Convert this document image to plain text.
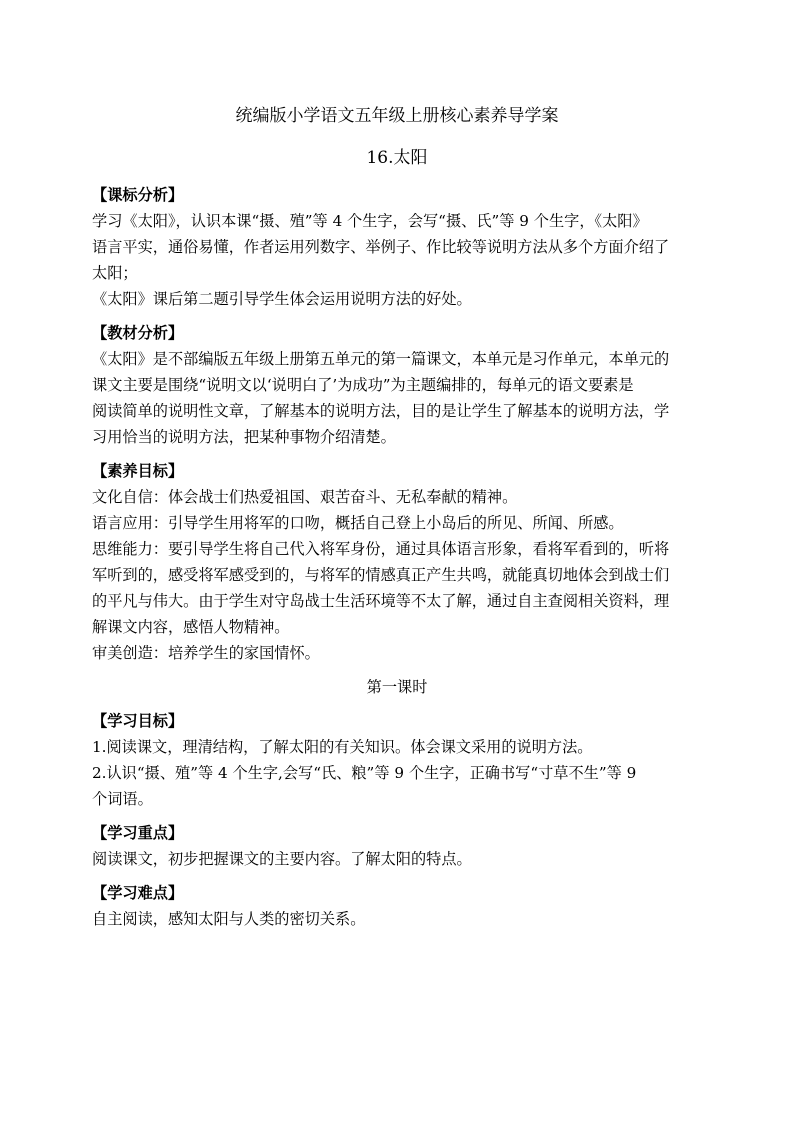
统编版小学语文五年级上册核心素养导学案
16.太阳
【课标分析】
学习《太阳》，认识本课“摄、殖”等 4 个生字，会写“摄、氏”等 9 个生字，《太阳》
语言平实，通俗易懂，作者运用列数字、举例子、作比较等说明方法从多个方面介绍了
太阳；
《太阳》课后第二题引导学生体会运用说明方法的好处。
【教材分析】
《太阳》是不部编版五年级上册第五单元的第一篇课文，本单元是习作单元，本单元的
课文主要是围绕“说明文以‘说明白了’为成功”为主题编排的，每单元的语文要素是
阅读简单的说明性文章，了解基本的说明方法，目的是让学生了解基本的说明方法，学
习用恰当的说明方法，把某种事物介绍清楚。
【素养目标】
文化自信：体会战士们热爱祖国、艰苦奋斗、无私奉献的精神。
语言应用：引导学生用将军的口吻，概括自己登上小岛后的所见、所闻、所感。
思维能力：要引导学生将自己代入将军身份，通过具体语言形象，看将军看到的，听将
军听到的，感受将军感受到的，与将军的情感真正产生共鸣，就能真切地体会到战士们
的平凡与伟大。由于学生对守岛战士生活环境等不太了解，通过自主查阅相关资料，理
解课文内容，感悟人物精神。
审美创造：培养学生的家国情怀。
第一课时
【学习目标】
1.阅读课文，理清结构，了解太阳的有关知识。体会课文采用的说明方法。
2.认识“摄、殖”等 4 个生字,会写“氏、粮”等 9 个生字，正确书写“寸草不生”等 9
个词语。
【学习重点】
阅读课文，初步把握课文的主要内容。了解太阳的特点。
【学习难点】
自主阅读，感知太阳与人类的密切关系。
